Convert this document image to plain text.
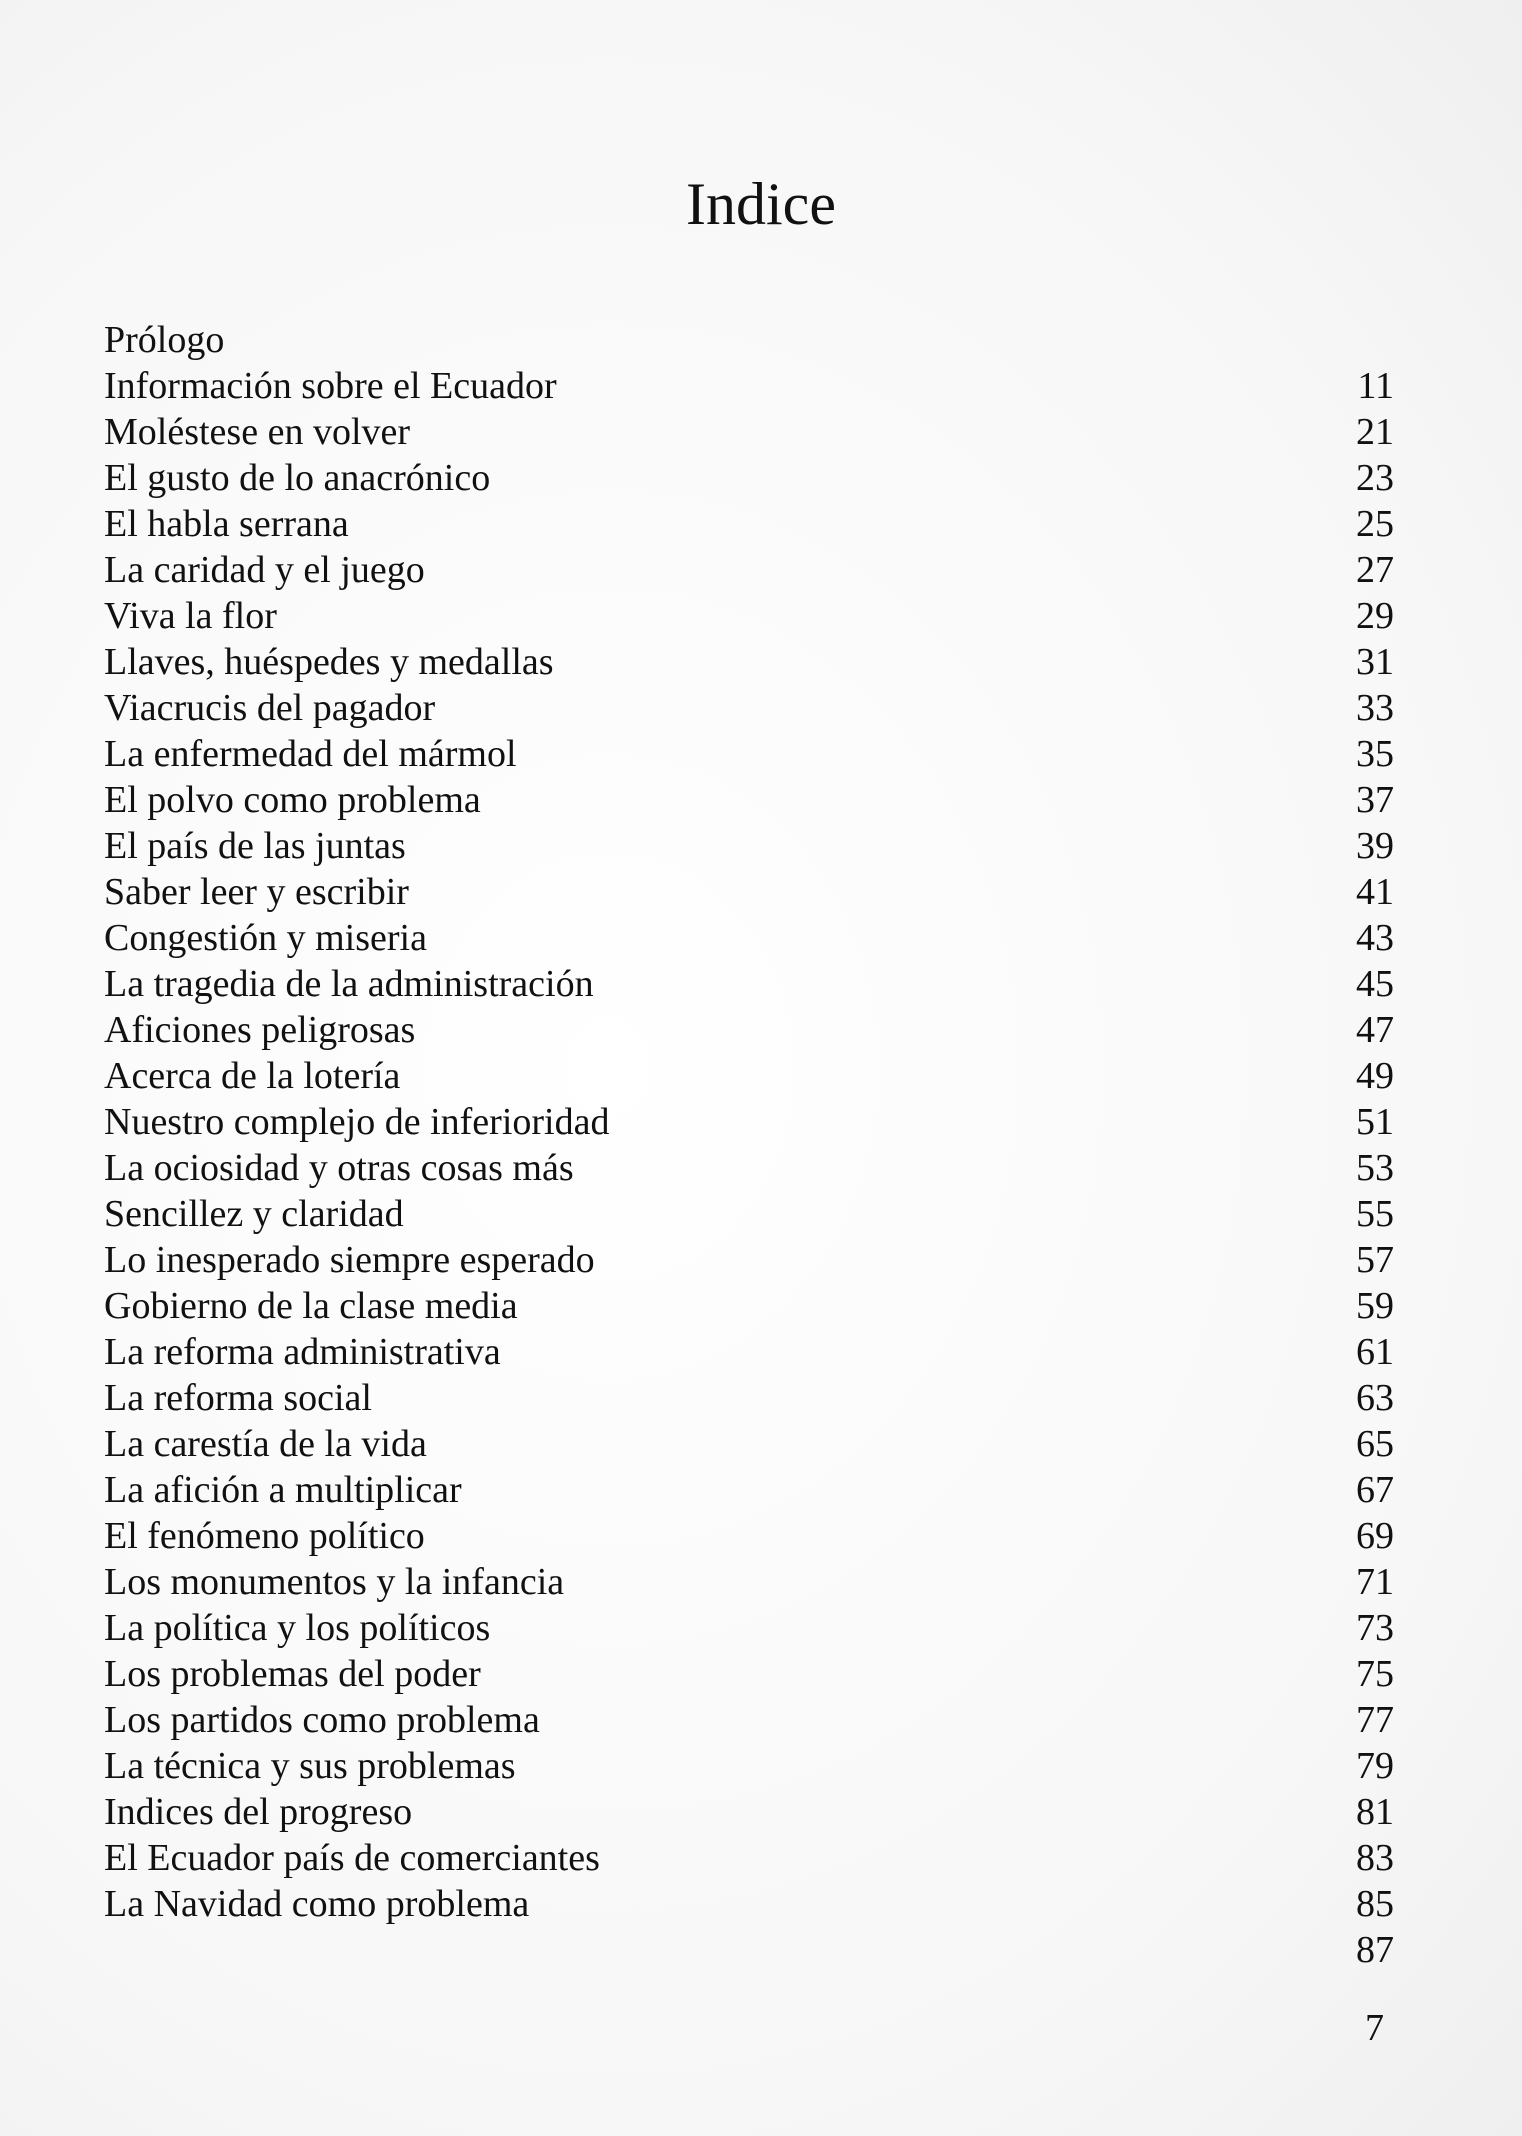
Indice
Prólogo
Información sobre el Ecuador	11
Moléstese en volver	21
El gusto de lo anacrónico	23
El habla serrana	25
La caridad y el juego	27
Viva la flor	29
Llaves, huéspedes y medallas	31
Viacrucis del pagador	33
La enfermedad del mármol	35
El polvo como problema	37
El país de las juntas	39
Saber leer y escribir	41
Congestión y miseria	43
La tragedia de la administración	45
Aficiones peligrosas	47
Acerca de la lotería	49
Nuestro complejo de inferioridad	51
La ociosidad y otras cosas más	53
Sencillez y claridad	55
Lo inesperado siempre esperado	57
Gobierno de la clase media	59
La reforma administrativa	61
La reforma social	63
La carestía de la vida	65
La afición a multiplicar	67
El fenómeno político	69
Los monumentos y la infancia	71
La política y los políticos	73
Los problemas del poder	75
Los partidos como problema	77
La técnica y sus problemas	79
Indices del progreso	81
El Ecuador país de comerciantes	83
La Navidad como problema	85
87
7
